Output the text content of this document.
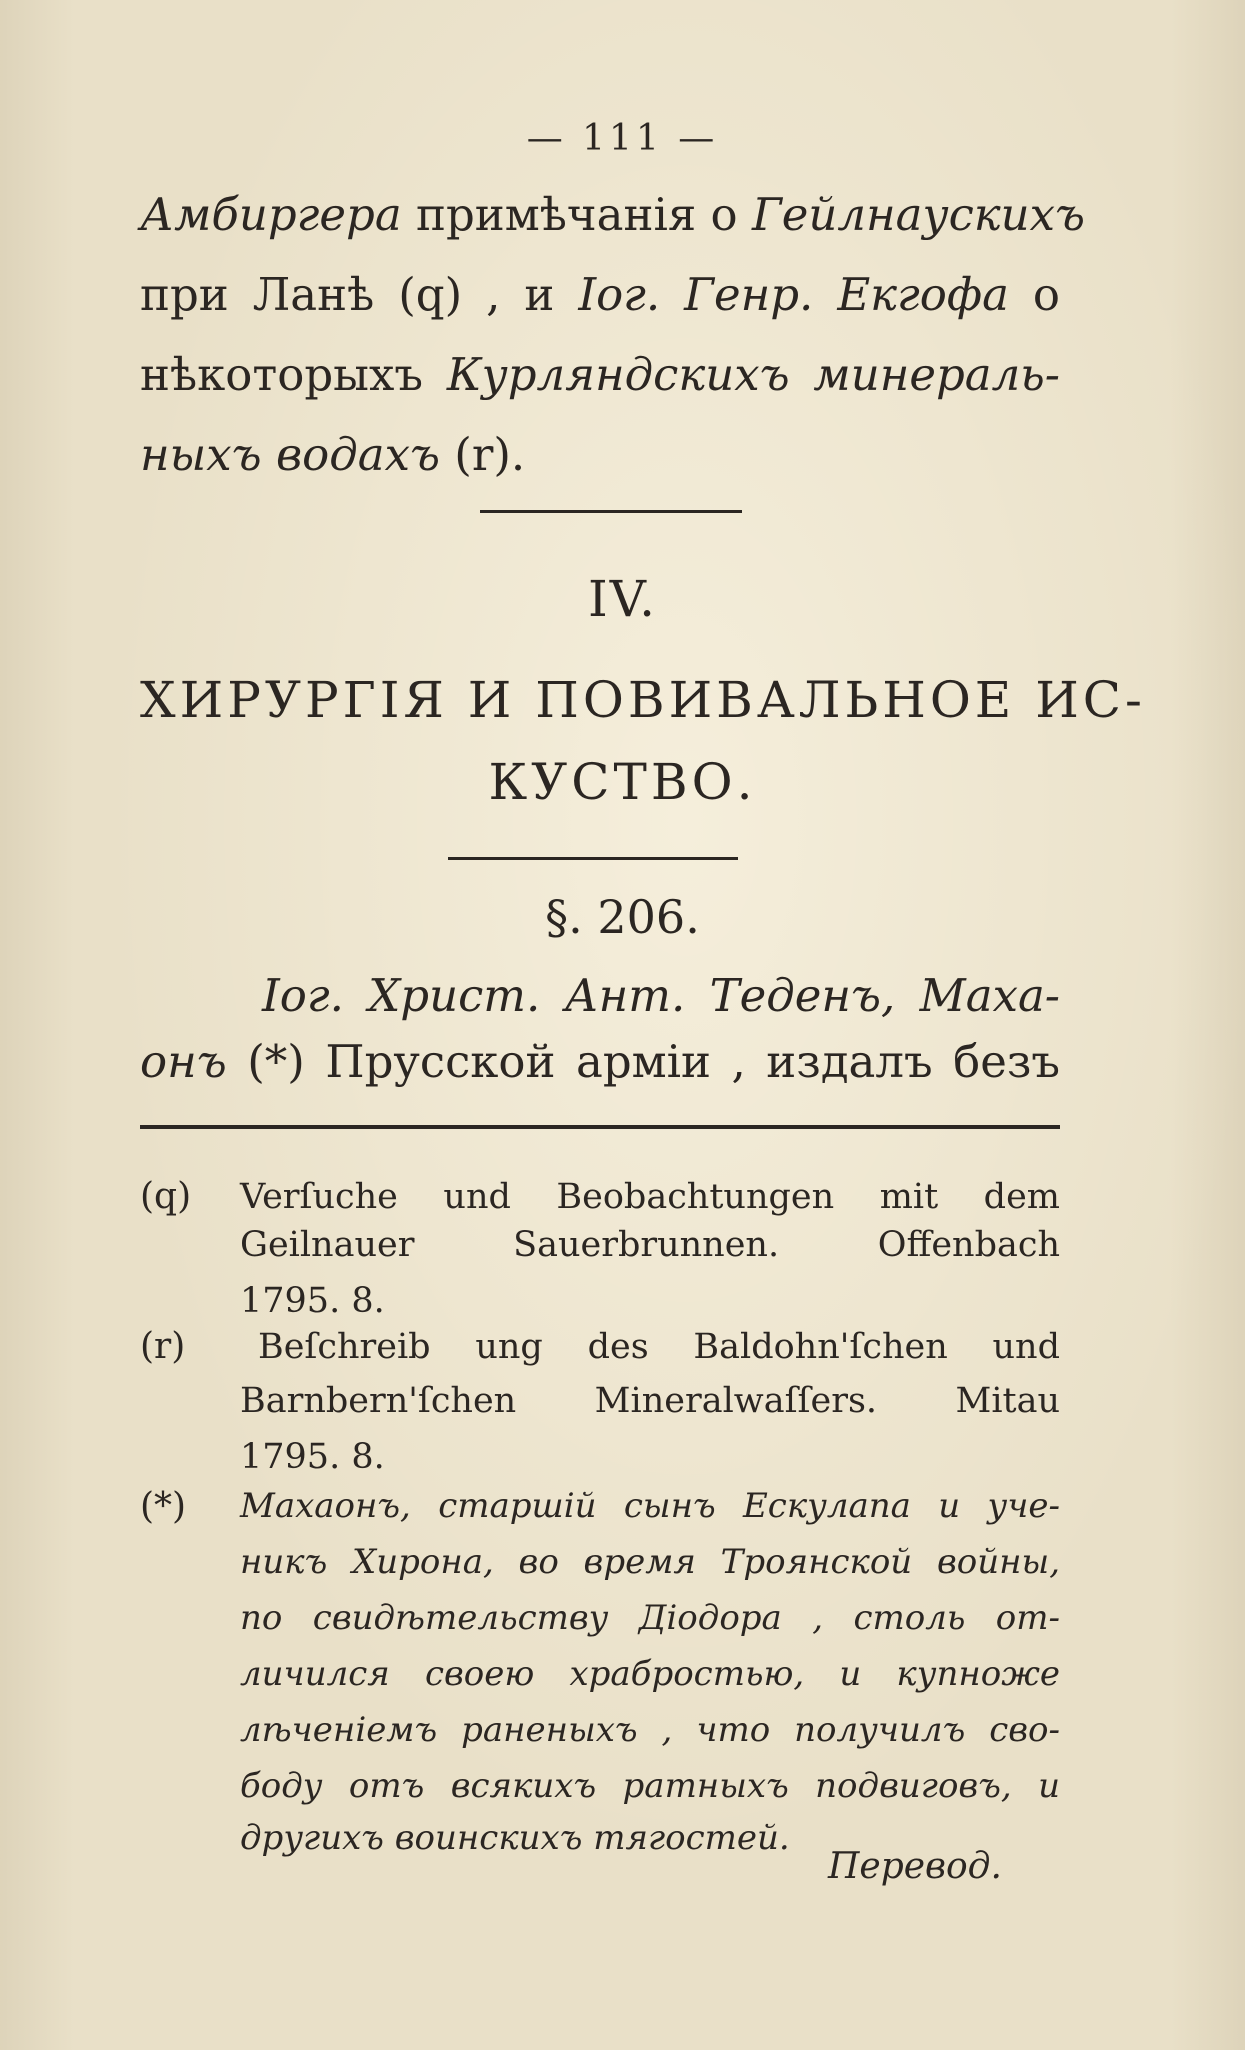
— 111 —
Амбиргера примѣчанія о Гейлнаускихъ
при Ланѣ (q) , и Іог. Генр. Екгофа о
нѣкоторыхъ Курляндскихъ минераль-
ныхъ водахъ (r).
IV.
ХИРУРГІЯ И ПОВИВАЛЬНОЕ ИС-
КУСТВО.
§. 206.
Іог. Христ. Ант. Теденъ, Маха-
онъ (*) Прусской арміи , издалъ безъ
(q) Verſuche und Beobachtungen mit dem
Geilnauer Sauerbrunnen. Offenbach
1795. 8.
(r) Beſchreib ung des Baldohn'ſchen und
Barnbern'ſchen Mineralwaſſers. Mitau
1795. 8.
(*) Махаонъ, старшій сынъ Ескулапа и уче-
никъ Хирона, во время Троянской войны,
по свидѣтельству Діодора , столь от-
личился своею храбростью, и купноже
лѣченіемъ раненыхъ , что получилъ сво-
боду отъ всякихъ ратныхъ подвиговъ, и
другихъ воинскихъ тягостей.
Перевод.
